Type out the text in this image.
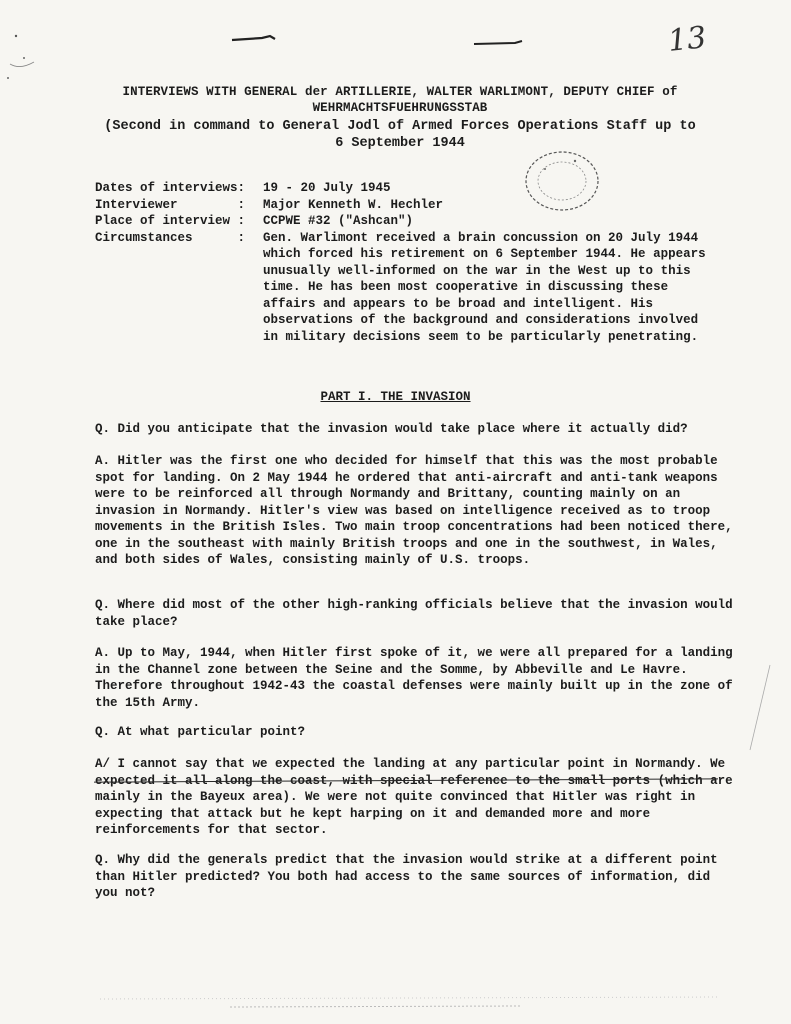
13
INTERVIEWS WITH GENERAL der ARTILLERIE, WALTER WARLIMONT, DEPUTY CHIEF of
WEHRMACHTSFUEHRUNGSSTAB
(Second in command to General Jodl of Armed Forces Operations Staff up to
6 September 1944
Dates of interviews:	19 - 20 July 1945
Interviewer        :	Major Kenneth W. Hechler
Place of interview :	CCPWE #32 ("Ashcan")
Circumstances      :	Gen. Warlimont received a brain concussion on 20 July 1944 which forced his retirement on 6 September 1944. He appears unusually well-informed on the war in the West up to this time. He has been most cooperative in discussing these affairs and appears to be broad and intelligent. His observations of the background and considerations involved in military decisions seem to be particularly penetrating.
PART I. THE INVASION
Q. Did you anticipate that the invasion would take place where it actually did?
A. Hitler was the first one who decided for himself that this was the most probable spot for landing. On 2 May 1944 he ordered that anti-aircraft and anti-tank weapons were to be reinforced all through Normandy and Brittany, counting mainly on an invasion in Normandy. Hitler's view was based on intelligence received as to troop movements in the British Isles. Two main troop concentrations had been noticed there, one in the southeast with mainly British troops and one in the southwest, in Wales, and both sides of Wales, consisting mainly of U.S. troops.
Q. Where did most of the other high-ranking officials believe that the invasion would take place?
A. Up to May, 1944, when Hitler first spoke of it, we were all prepared for a landing in the Channel zone between the Seine and the Somme, by Abbeville and Le Havre. Therefore throughout 1942-43 the coastal defenses were mainly built up in the zone of the 15th Army.
Q. At what particular point?
A/ I cannot say that we expected the landing at any particular point in Normandy. We expected it all along the coast, with special reference to the small ports (which are mainly in the Bayeux area). We were not quite convinced that Hitler was right in expecting that attack but he kept harping on it and demanded more and more reinforcements for that sector.
Q. Why did the generals predict that the invasion would strike at a different point than Hitler predicted? You both had access to the same sources of information, did you not?
